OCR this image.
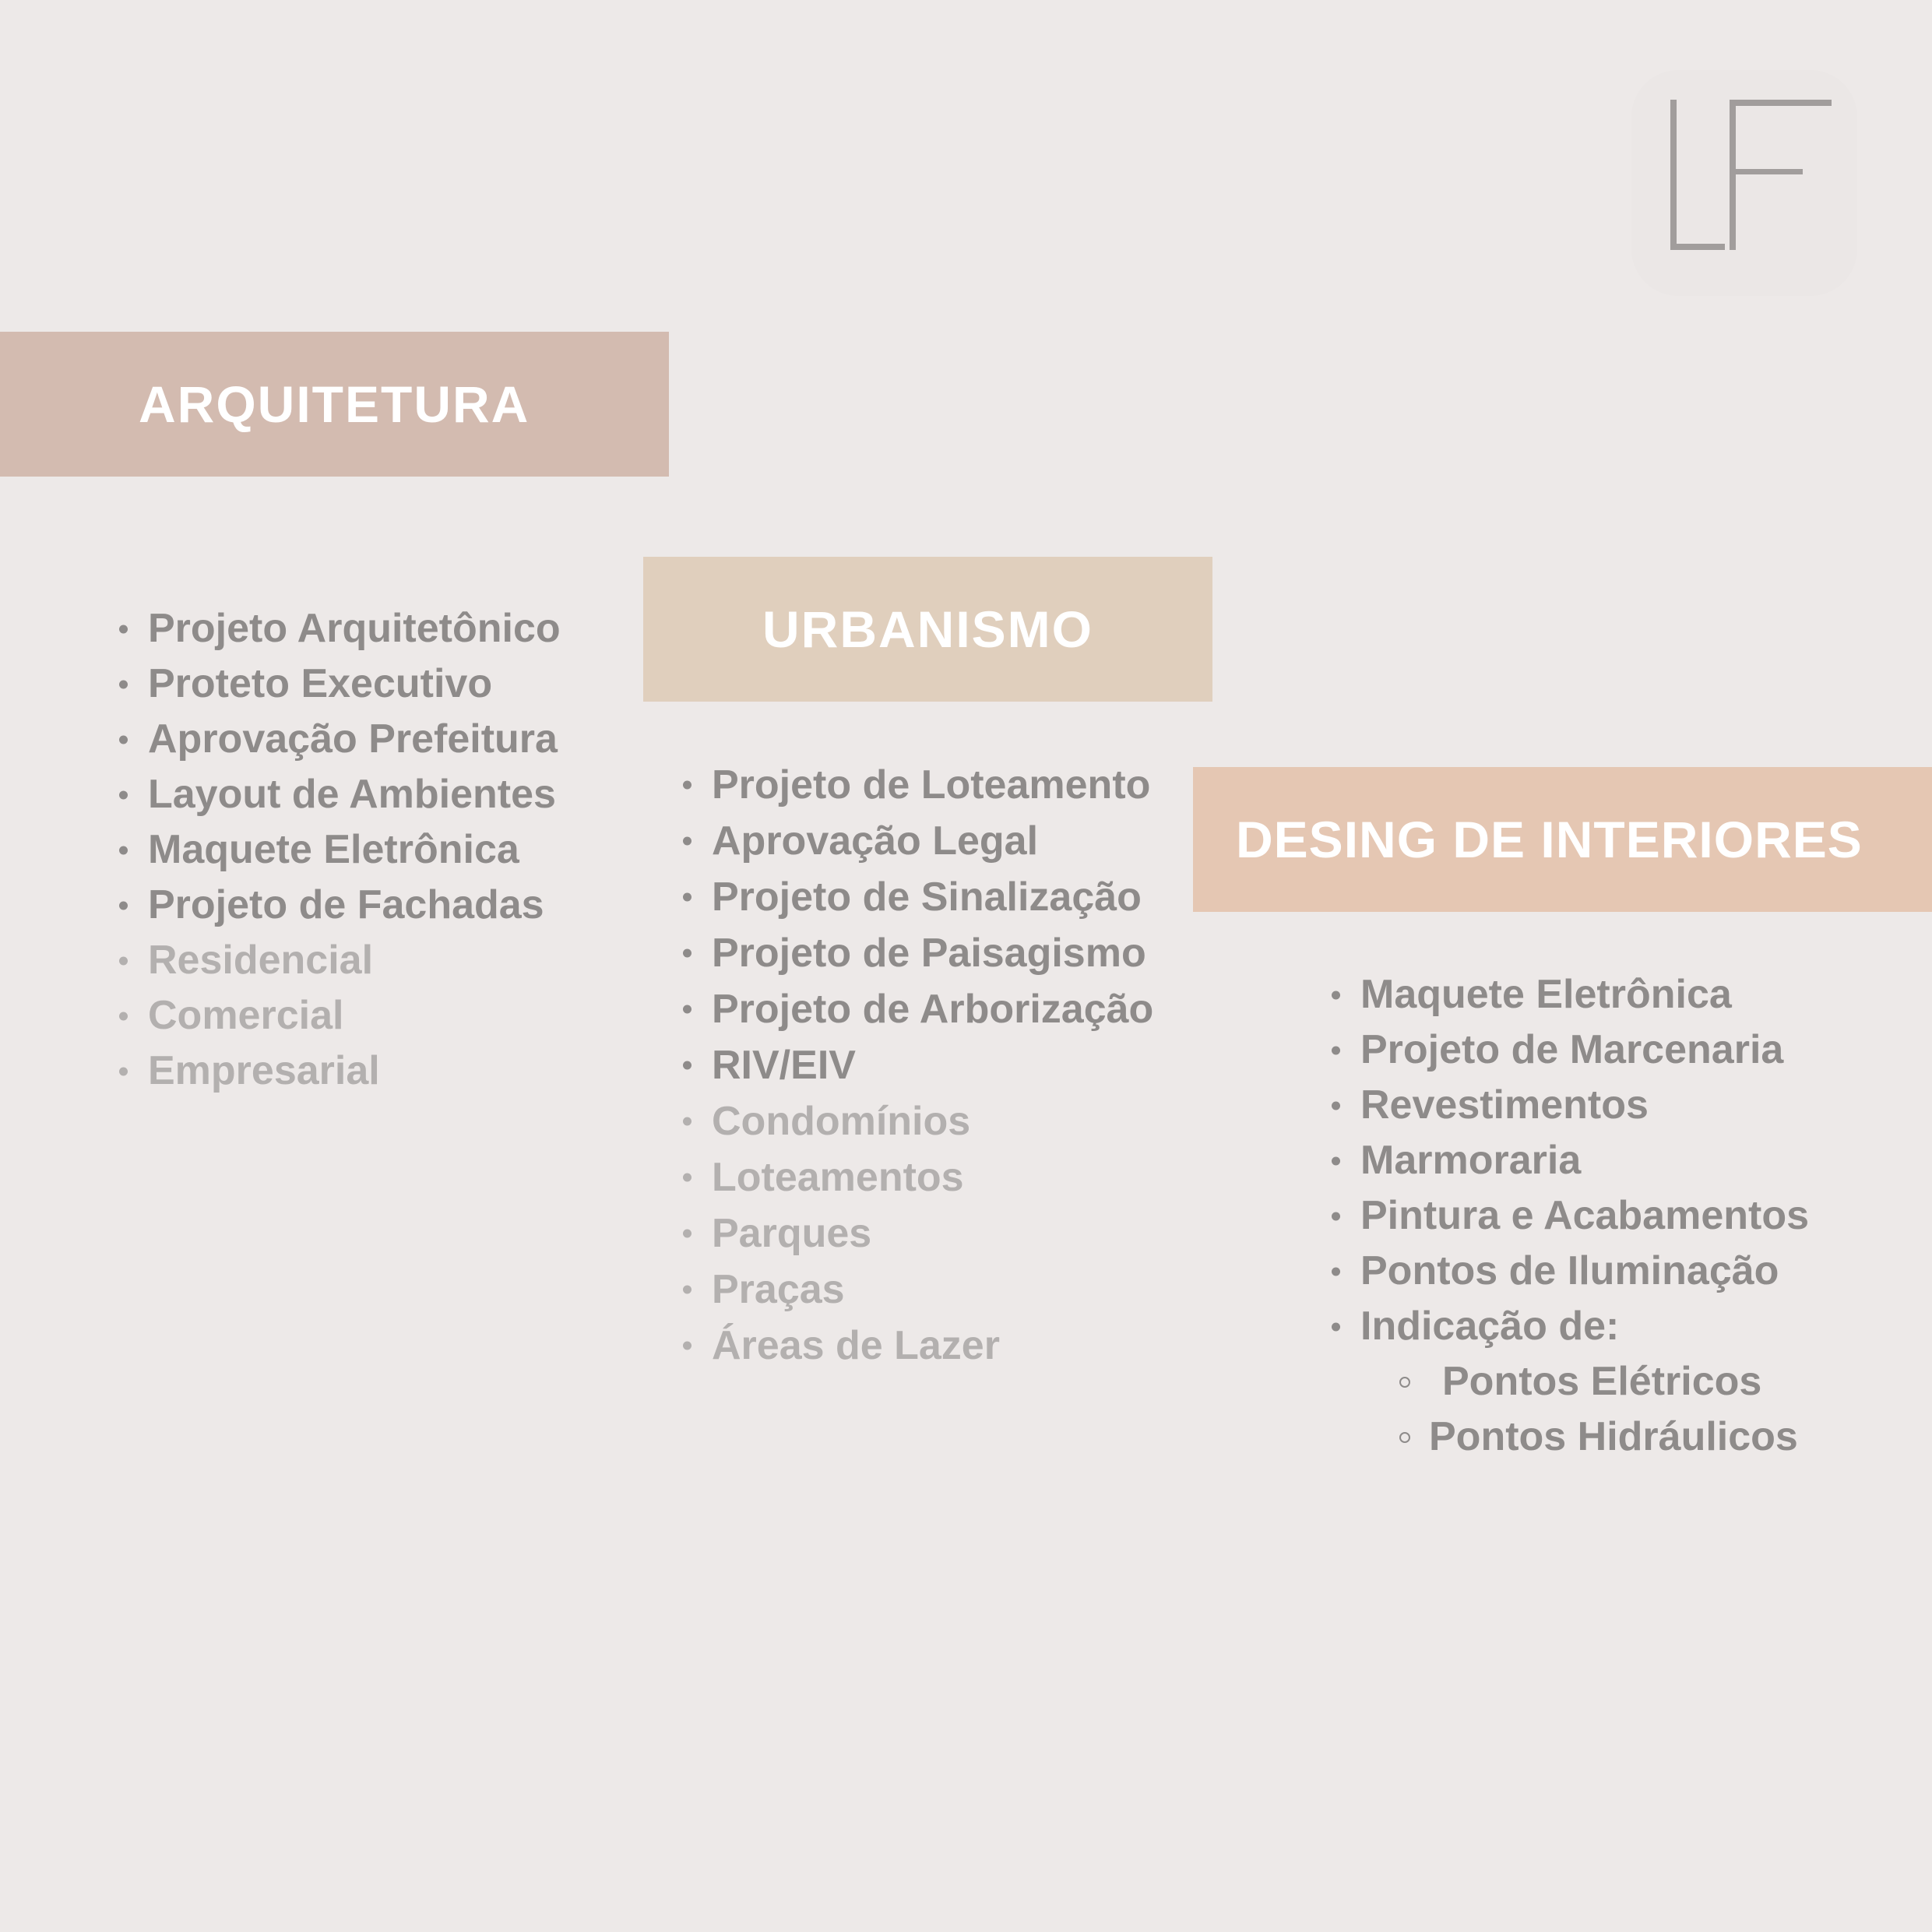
ARQUITETURA
Projeto Arquitetônico
Proteto Executivo
Aprovação Prefeitura
Layout de Ambientes
Maquete Eletrônica
Projeto de Fachadas
Residencial
Comercial
Empresarial
URBANISMO
Projeto de Loteamento
Aprovação Legal
Projeto de Sinalização
Projeto de Paisagismo
Projeto de Arborização
RIV/EIV
Condomínios
Loteamentos
Parques
Praças
Áreas de Lazer
DESING DE INTERIORES
Maquete Eletrônica
Projeto de Marcenaria
Revestimentos
Marmoraria
Pintura e Acabamentos
Pontos de Iluminação
Indicação de:
Pontos Elétricos
Pontos Hidráulicos
